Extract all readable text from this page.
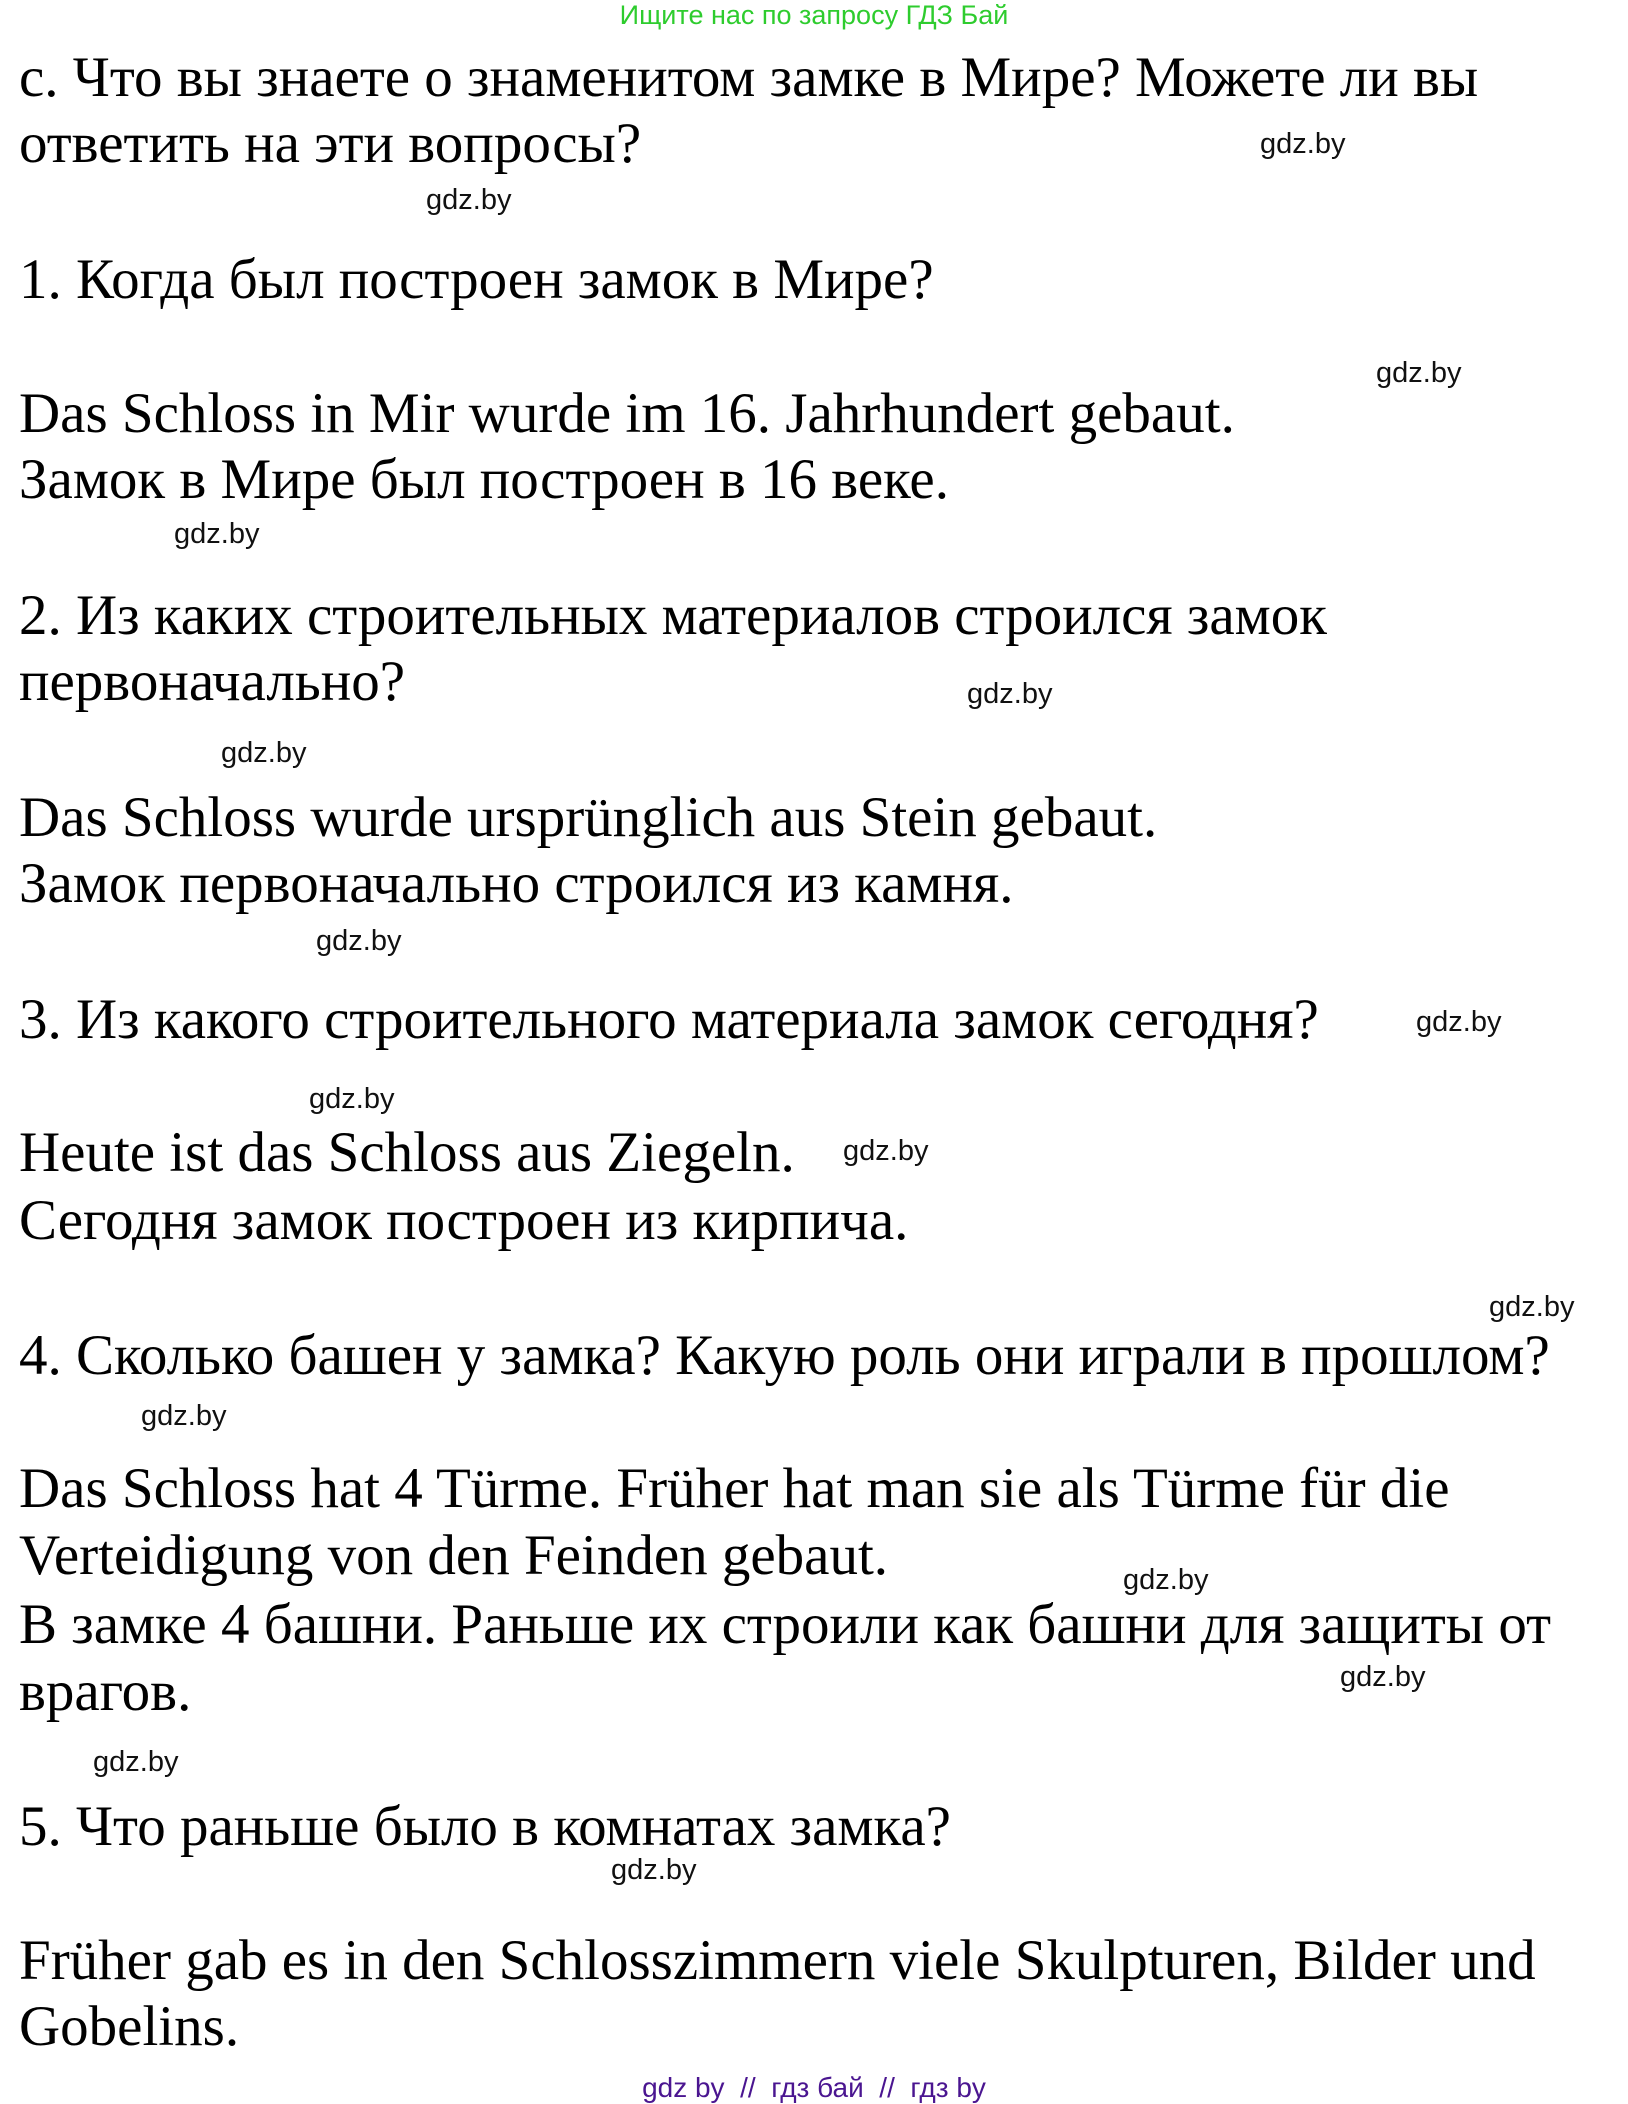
Ищите нас по запросу ГДЗ Бай
с. Что вы знаете о знаменитом замке в Мире? Можете ли вы
ответить на эти вопросы?
1. Когда был построен замок в Мире?
Das Schloss in Mir wurde im 16. Jahrhundert gebaut.
Замок в Мире был построен в 16 веке.
2. Из каких строительных материалов строился замок
первоначально?
Das Schloss wurde ursprünglich aus Stein gebaut.
Замок первоначально строился из камня.
3. Из какого строительного материала замок сегодня?
Heute ist das Schloss aus Ziegeln.
Сегодня замок построен из кирпича.
4. Сколько башен у замка? Какую роль они играли в прошлом?
Das Schloss hat 4 Türme. Früher hat man sie als Türme für die
Verteidigung von den Feinden gebaut.
В замке 4 башни. Раньше их строили как башни для защиты от
врагов.
5. Что раньше было в комнатах замка?
Früher gab es in den Schlosszimmern viele Skulpturen, Bilder und
Gobelins.
gdz.by
gdz.by
gdz.by
gdz.by
gdz.by
gdz.by
gdz.by
gdz.by
gdz.by
gdz.by
gdz.by
gdz.by
gdz.by
gdz.by
gdz.by
gdz.by
gdz by  //  гдз бай  //  гдз by
